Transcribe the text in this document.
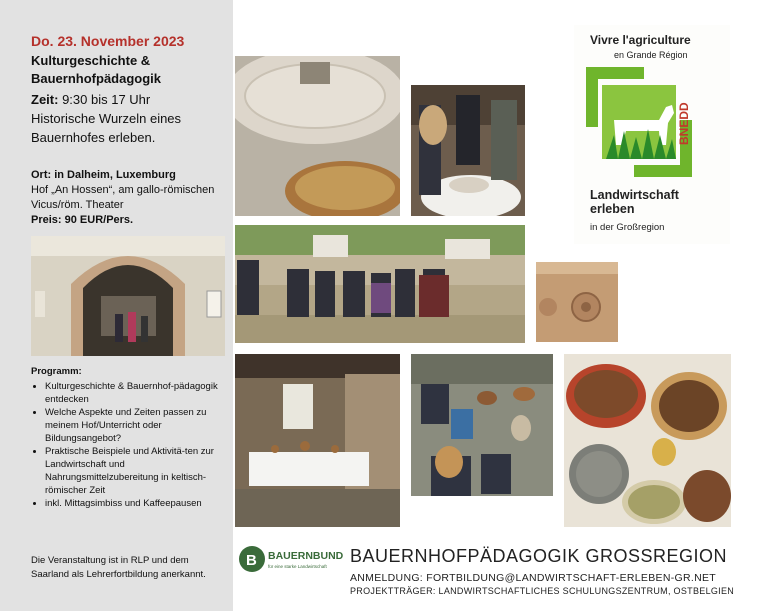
Do. 23. November 2023
Kulturgeschichte &
Bauernhofpädagogik
Zeit: 9:30 bis 17 Uhr
Historische Wurzeln eines Bauernhofes erleben.
Ort: in Dalheim, Luxemburg
Hof „An Hossen“, am gallo-römischen Vicus/röm. Theater
Preis: 90 EUR/Pers.
Programm:
• Kulturgeschichte & Bauernhof-pädagogik entdecken
• Welche Aspekte und Zeiten passen zu meinem Hof/Unterricht oder Bildungsangebot?
• Praktische Beispiele und Aktivitä-ten zur Landwirtschaft und Nahrungsmittelzubereitung in keltisch-römischer Zeit
• inkl. Mittagsimbiss und Kaffeepausen
Die Veranstaltung ist in RLP und dem Saarland als Lehrerfortbildung anerkannt.
Vivre l'agriculture
en Grande Région
BNEDD
Landwirtschaft
erleben
in der Großregion
B BAUERNBUND
für eine starke Landwirtschaft
BAUERNHOFPÄDAGOGIK GROSSREGION
ANMELDUNG: FORTBILDUNG@LANDWIRTSCHAFT-ERLEBEN-GR.NET
PROJEKTTRÄGER: LANDWIRTSCHAFTLICHES SCHULUNGSZENTRUM, OSTBELGIEN
